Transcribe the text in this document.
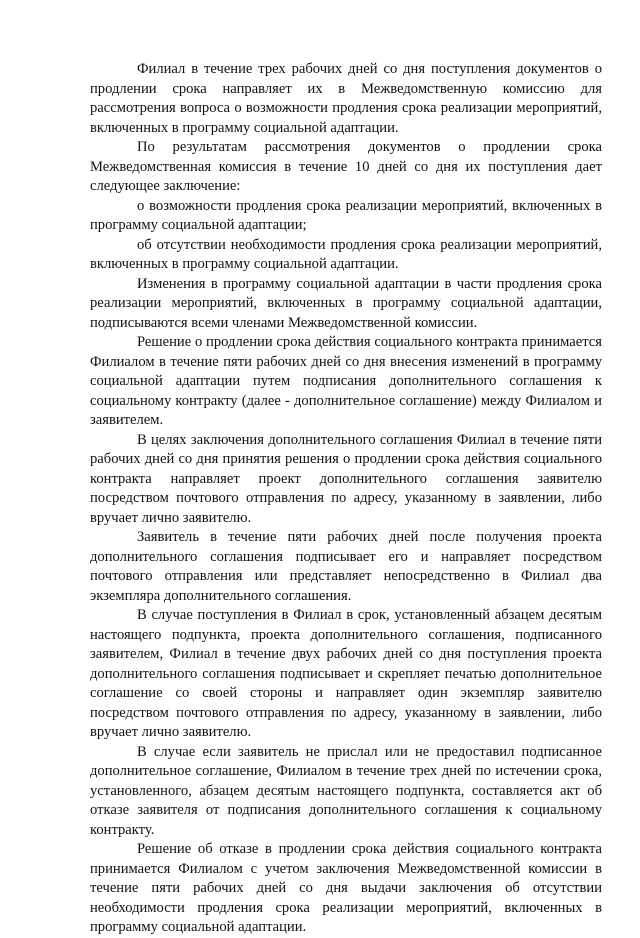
Филиал в течение трех рабочих дней со дня поступления документов о продлении срока направляет их в Межведомственную комиссию для рассмотрения вопроса о возможности продления срока реализации мероприятий, включенных в программу социальной адаптации.

По результатам рассмотрения документов о продлении срока Межведомственная комиссия в течение 10 дней со дня их поступления дает следующее заключение:

о возможности продления срока реализации мероприятий, включенных в программу социальной адаптации;

об отсутствии необходимости продления срока реализации мероприятий, включенных в программу социальной адаптации.

Изменения в программу социальной адаптации в части продления срока реализации мероприятий, включенных в программу социальной адаптации, подписываются всеми членами Межведомственной комиссии.

Решение о продлении срока действия социального контракта принимается Филиалом в течение пяти рабочих дней со дня внесения изменений в программу социальной адаптации путем подписания дополнительного соглашения к социальному контракту (далее - дополнительное соглашение) между Филиалом и заявителем.

В целях заключения дополнительного соглашения Филиал в течение пяти рабочих дней со дня принятия решения о продлении срока действия социального контракта направляет проект дополнительного соглашения заявителю посредством почтового отправления по адресу, указанному в заявлении, либо вручает лично заявителю.

Заявитель в течение пяти рабочих дней после получения проекта дополнительного соглашения подписывает его и направляет посредством почтового отправления или представляет непосредственно в Филиал два экземпляра дополнительного соглашения.

В случае поступления в Филиал в срок, установленный абзацем десятым настоящего подпункта, проекта дополнительного соглашения, подписанного заявителем, Филиал в течение двух рабочих дней со дня поступления проекта дополнительного соглашения подписывает и скрепляет печатью дополнительное соглашение со своей стороны и направляет один экземпляр заявителю посредством почтового отправления по адресу, указанному в заявлении, либо вручает лично заявителю.

В случае если заявитель не прислал или не предоставил подписанное дополнительное соглашение, Филиалом в течение трех дней по истечении срока, установленного, абзацем десятым настоящего подпункта, составляется акт об отказе заявителя от подписания дополнительного соглашения к социальному контракту.

Решение об отказе в продлении срока действия социального контракта принимается Филиалом с учетом заключения Межведомственной комиссии в течение пяти рабочих дней со дня выдачи заключения об отсутствии необходимости продления срока реализации мероприятий, включенных в программу социальной адаптации.
